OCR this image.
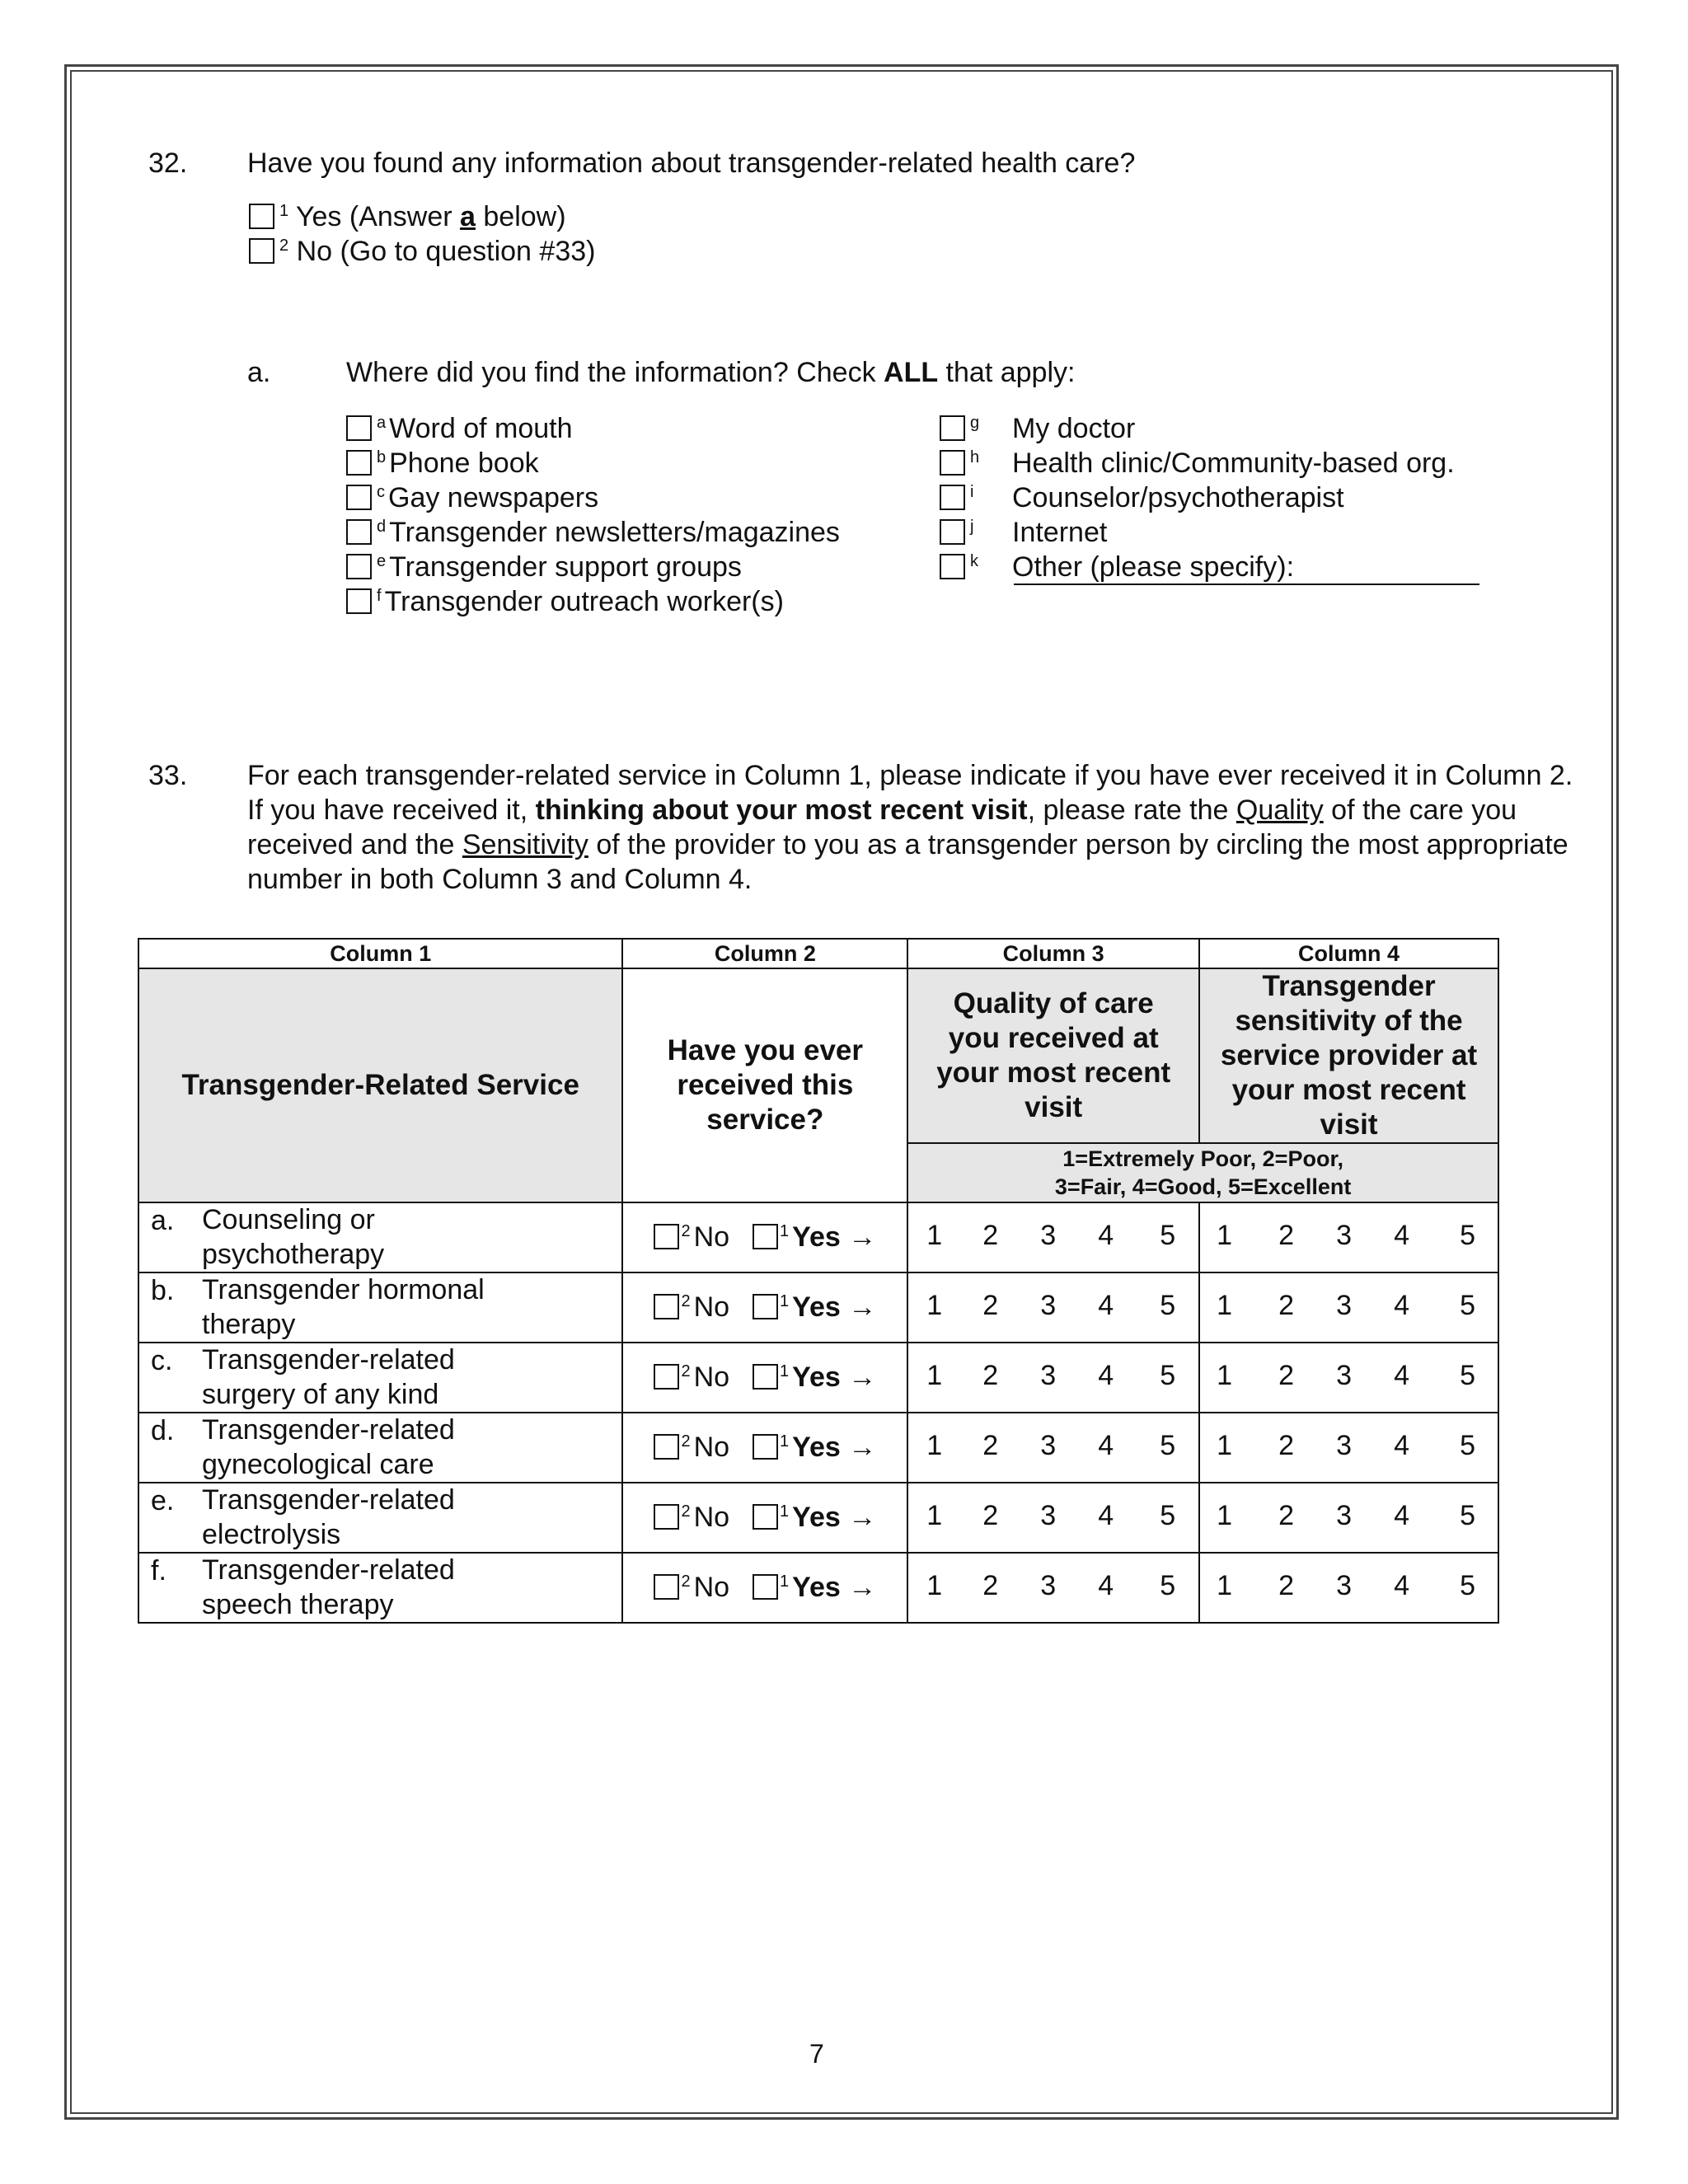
32. Have you found any information about transgender-related health care?
$^1$ Yes (Answer a below)
$^2$ No (Go to question #33)
a.	Where did you find the information? Check ALL that apply:
$^a$ Word of mouth
$^b$ Phone book
$^c$ Gay newspapers
$^d$ Transgender newsletters/magazines
$^e$ Transgender support groups
$^f$ Transgender outreach worker(s)
$^g$ My doctor
$^h$ Health clinic/Community-based org.
$^i$ Counselor/psychotherapist
$^j$ Internet
$^k$ Other (please specify):
33. For each transgender-related service in Column 1, please indicate if you have ever received it in Column 2.
If you have received it, thinking about your most recent visit, please rate the Quality of the care you
received and the Sensitivity of the provider to you as a transgender person by circling the most appropriate
number in both Column 3 and Column 4.
Column 1	Column 2	Column 3	Column 4
Transgender-Related Service	Have you ever
received this
service?	Quality of care
you received at
your most recent
visit	Transgender
sensitivity of the
service provider at
your most recent
visit
		1=Extremely Poor, 2=Poor,
3=Fair, 4=Good, 5=Excellent	

a. Counseling or
psychotherapy	$^2$ No $^1$ Yes →	1 2 3 4 5	1 2 3 4 5

b. Transgender hormonal
therapy	$^2$ No $^1$ Yes →	1 2 3 4 5	1 2 3 4 5

c. Transgender-related
surgery of any kind	$^2$ No $^1$ Yes →	1 2 3 4 5	1 2 3 4 5

d. Transgender-related
gynecological care	$^2$ No $^1$ Yes →	1 2 3 4 5	1 2 3 4 5

e. Transgender-related
electrolysis	$^2$ No $^1$ Yes →	1 2 3 4 5	1 2 3 4 5

f. Transgender-related
speech therapy	$^2$ No $^1$ Yes →	1 2 3 4 5	1 2 3 4 5
7
